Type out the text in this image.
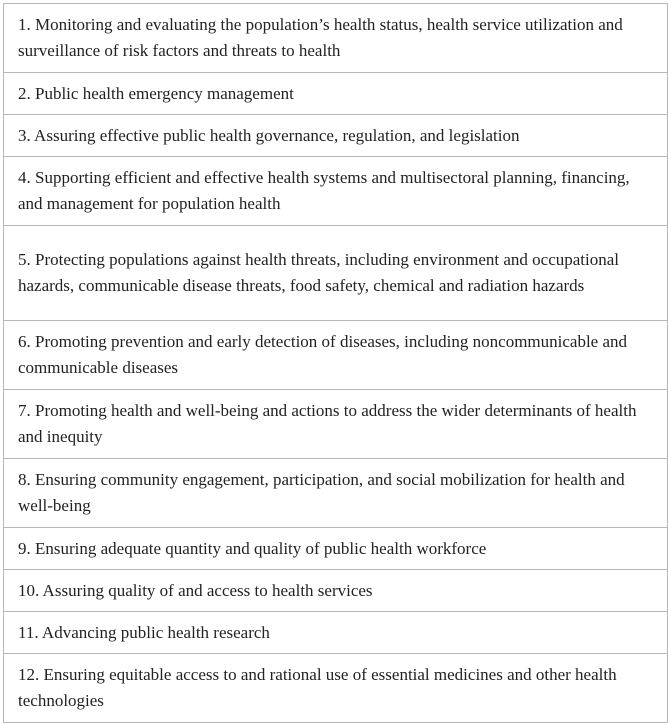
1. Monitoring and evaluating the population’s health status, health service utilization and surveillance of risk factors and threats to health
2. Public health emergency management
3. Assuring effective public health governance, regulation, and legislation
4. Supporting efficient and effective health systems and multisectoral planning, financing, and management for population health
5. Protecting populations against health threats, including environment and occupational hazards, communicable disease threats, food safety, chemical and radiation hazards
6. Promoting prevention and early detection of diseases, including noncommunicable and communicable diseases
7. Promoting health and well-being and actions to address the wider determinants of health and inequity
8. Ensuring community engagement, participation, and social mobilization for health and well-being
9. Ensuring adequate quantity and quality of public health workforce
10. Assuring quality of and access to health services
11. Advancing public health research
12. Ensuring equitable access to and rational use of essential medicines and other health technologies
